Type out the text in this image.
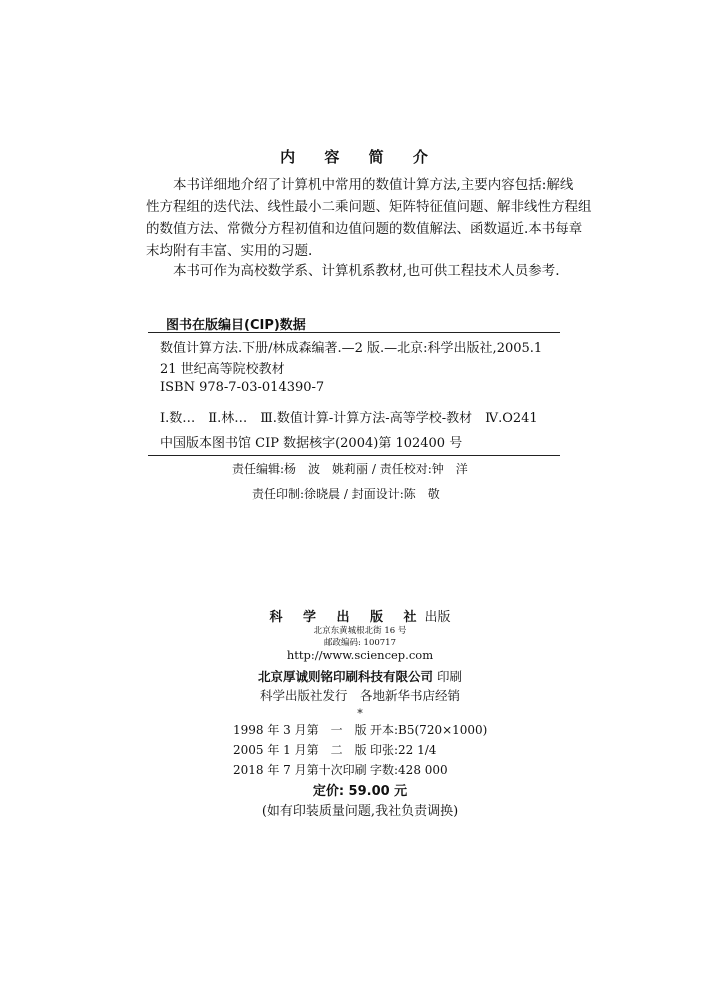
内 容 简 介
本书详细地介绍了计算机中常用的数值计算方法,主要内容包括:解线
性方程组的迭代法、线性最小二乘问题、矩阵特征值问题、解非线性方程组
的数值方法、常微分方程初值和边值问题的数值解法、函数逼近.本书每章
末均附有丰富、实用的习题.
本书可作为高校数学系、计算机系教材,也可供工程技术人员参考.
图书在版编目(CIP)数据
数值计算方法.下册/林成森编著.—2 版.—北京:科学出版社,2005.1
21 世纪高等院校教材
ISBN 978-7-03-014390-7
Ⅰ.数…　Ⅱ.林…　Ⅲ.数值计算-计算方法-高等学校-教材　Ⅳ.O241
中国版本图书馆 CIP 数据核字(2004)第 102400 号
责任编辑:杨　波　姚莉丽 / 责任校对:钟　洋
责任印制:徐晓晨 / 封面设计:陈　敬
科 学 出 版 社出版
北京东黄城根北街 16 号
邮政编码: 100717
http://www.sciencep.com
北京厚诚则铭印刷科技有限公司 印刷
科学出版社发行　各地新华书店经销
*
1998 年 3 月第　一　版	开本:B5(720×1000)
2005 年 1 月第　二　版	印张:22 1/4
2018 年 7 月第十次印刷	字数:428 000
定价: 59.00 元
(如有印装质量问题,我社负责调换)
